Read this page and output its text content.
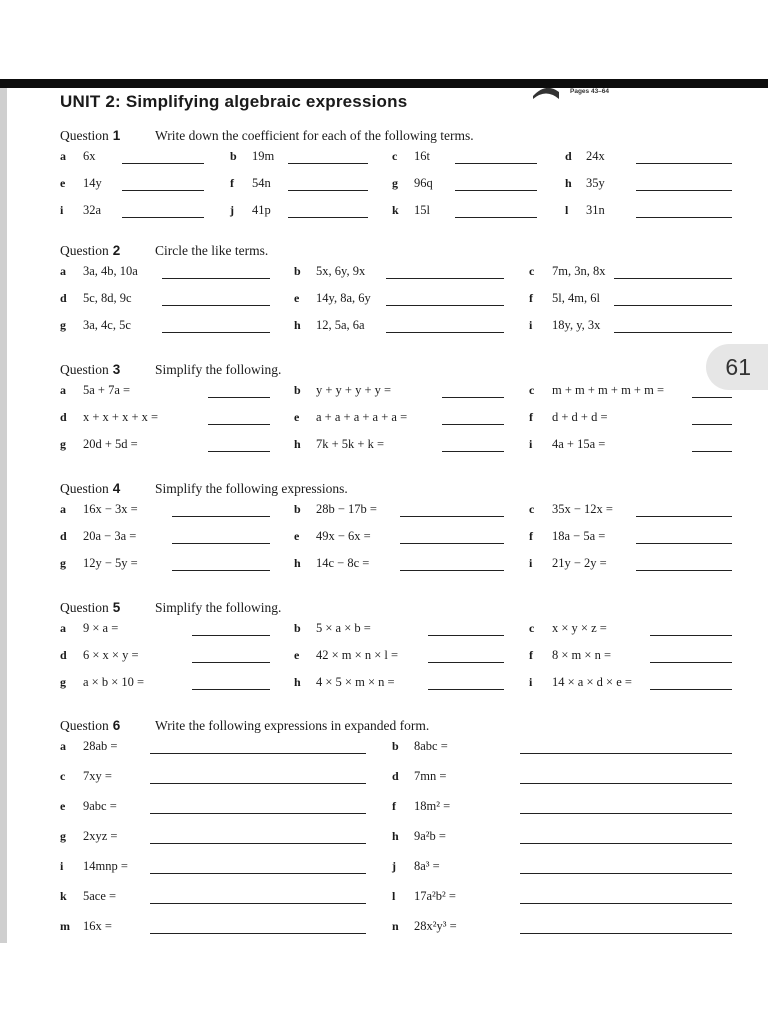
UNIT 2: Simplifying algebraic expressions
Pages 43–64
61
Question 1	Write down the coefficient for each of the following terms.
a 6x	b 19m	c 16t	d 24x
e 14y	f 54n	g 96q	h 35y
i 32a	j 41p	k 15l	l 31n
Question 2	Circle the like terms.
a 3a, 4b, 10a	b 5x, 6y, 9x	c 7m, 3n, 8x
d 5c, 8d, 9c	e 14y, 8a, 6y	f 5l, 4m, 6l
g 3a, 4c, 5c	h 12, 5a, 6a	i 18y, y, 3x
Question 3	Simplify the following.
a 5a + 7a =	b y + y + y + y =	c m + m + m + m + m =
d x + x + x + x =	e a + a + a + a + a =	f d + d + d =
g 20d + 5d =	h 7k + 5k + k =	i 4a + 15a =
Question 4	Simplify the following expressions.
a 16x − 3x =	b 28b − 17b =	c 35x − 12x =
d 20a − 3a =	e 49x − 6x =	f 18a − 5a =
g 12y − 5y =	h 14c − 8c =	i 21y − 2y =
Question 5	Simplify the following.
a 9 × a =	b 5 × a × b =	c x × y × z =
d 6 × x × y =	e 42 × m × n × l =	f 8 × m × n =
g a × b × 10 =	h 4 × 5 × m × n =	i 14 × a × d × e =
Question 6	Write the following expressions in expanded form.
a 28ab =	b 8abc =
c 7xy =	d 7mn =
e 9abc =	f 18m² =
g 2xyz =	h 9a²b =
i 14mnp =	j 8a³ =
k 5ace =	l 17a²b² =
m 16x =	n 28x²y³ =
